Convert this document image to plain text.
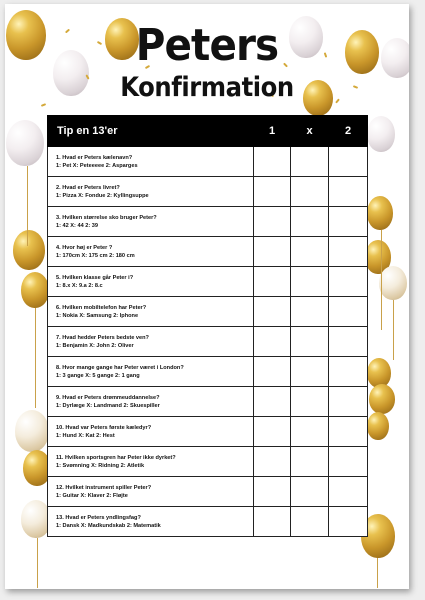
Peters
Konfirmation
Tip en 13'er	1	x	2

1. Hvad er Peters kælenavn?
1: Pet X: Peteeeee 2: Asparges			

2. Hvad er Peters livret?
1: Pizza X: Fondue 2: Kyllingsuppe			

3. Hvilken størrelse sko bruger Peter?
1: 42 X: 44 2: 39			

4. Hvor høj er Peter ?
1: 170cm X: 175 cm 2: 180 cm			

5. Hvilken klasse går Peter i?
1: 8.x X: 9.a 2: 8.c			

6. Hvilken mobiltelefon har Peter?
1: Nokia X: Samsung 2: Iphone			

7. Hvad hedder Peters bedste ven?
1: Benjamin X: John 2: Oliver			

8. Hvor mange gange har Peter været i London?
1: 3 gange X: 5 gange 2: 1 gang			

9. Hvad er Peters drømmeuddannelse?
1: Dyrlæge X: Landmand 2: Skuespiller			

10. Hvad var Peters første kæledyr?
1: Hund X: Kat 2: Hest			

11. Hvilken sportsgren har Peter ikke dyrket?
1: Svømning X: Ridning 2: Atletik			

12. Hvilket instrument spiller Peter?
1: Guitar X: Klaver 2: Fløjte			

13. Hvad er Peters yndlingsfag?
1: Dansk X: Madkundskab 2: Matematik			
